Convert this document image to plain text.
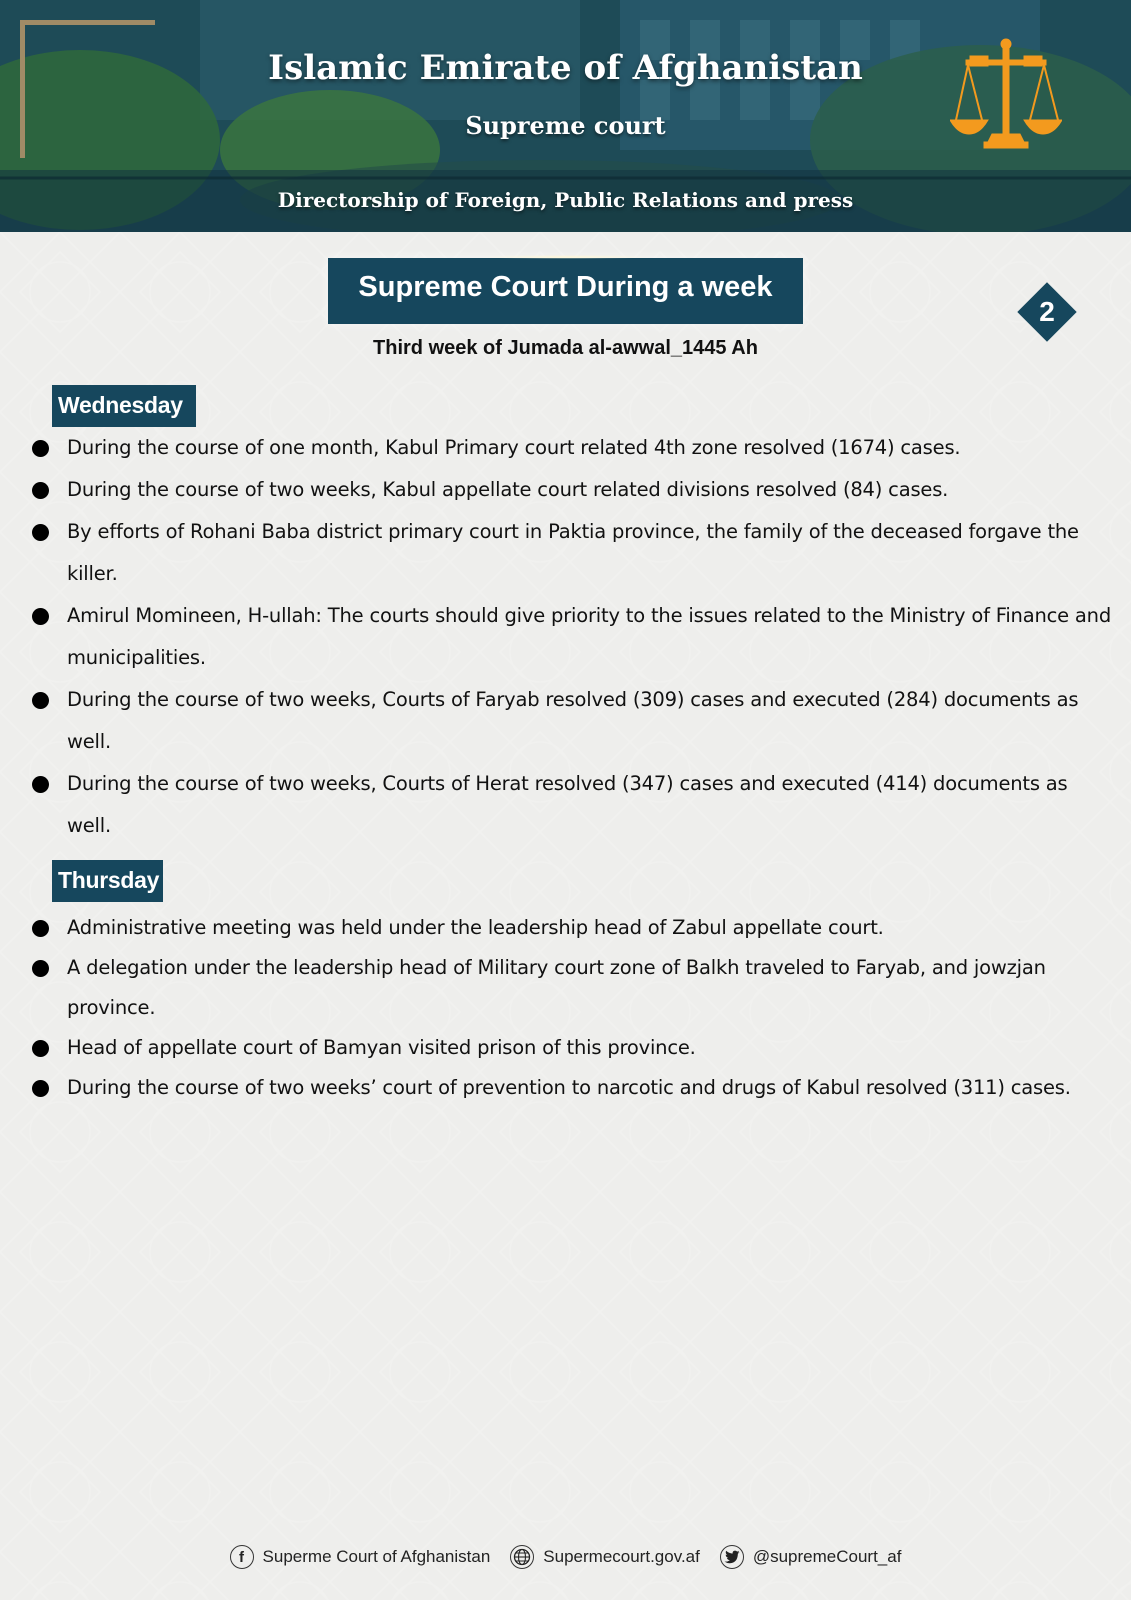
Islamic Emirate of Afghanistan
Supreme court
Directorship of Foreign, Public Relations and press
Supreme Court During a week
Third week of Jumada al-awwal_1445 Ah
2
Wednesday
During the course of one month, Kabul Primary court related 4th zone resolved (1674) cases.
During the course of two weeks, Kabul appellate court related divisions resolved (84) cases.
By efforts of Rohani Baba district primary court in Paktia province, the family of the deceased forgave the killer.
Amirul Momineen, H-ullah: The courts should give priority to the issues related to the Ministry of Finance and municipalities.
During the course of two weeks, Courts of Faryab resolved (309) cases and executed (284) documents as well.
During the course of two weeks, Courts of Herat resolved (347) cases and executed (414) documents as well.
Thursday
Administrative meeting was held under the leadership head of Zabul appellate court.
A delegation under the leadership head of Military court zone of Balkh traveled to Faryab, and jowzjan province.
Head of appellate court of Bamyan visited prison of this province.
During the course of two weeks’ court of prevention to narcotic and drugs of Kabul resolved (311) cases.
f	Superme Court of Afghanistan	Supermecourt.gov.af	@supremeCourt_af
